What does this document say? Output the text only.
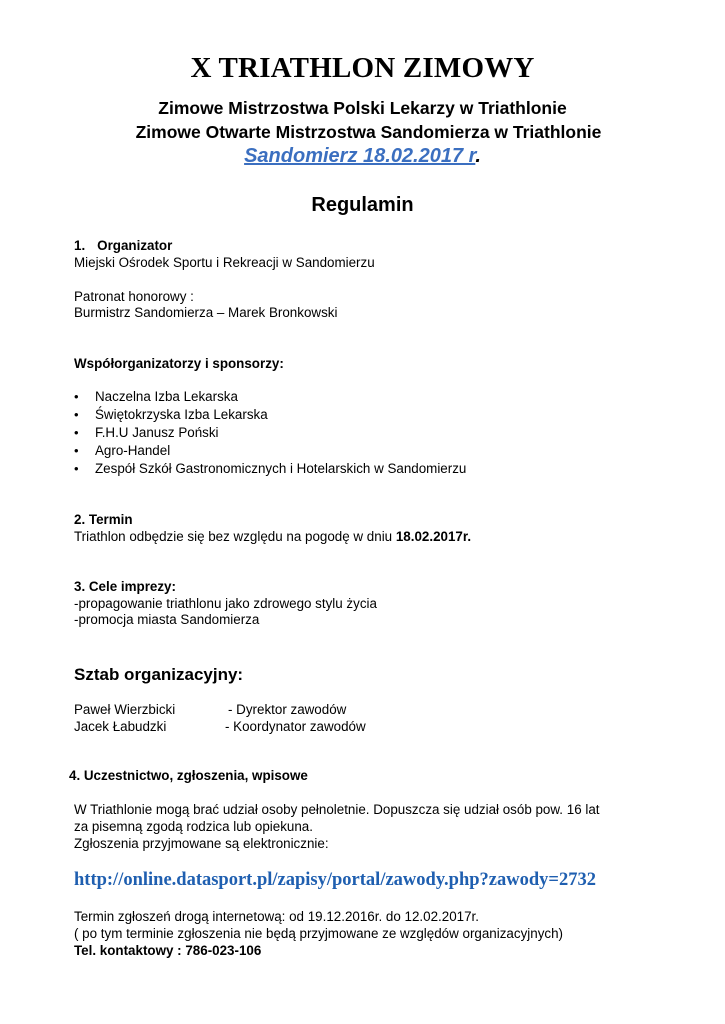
X TRIATHLON ZIMOWY
Zimowe Mistrzostwa Polski Lekarzy w Triathlonie
Zimowe Otwarte Mistrzostwa Sandomierza w Triathlonie
Sandomierz 18.02.2017 r.
Regulamin
1. Organizator
Miejski Ośrodek Sportu i Rekreacji w Sandomierzu
Patronat honorowy :
Burmistrz Sandomierza – Marek Bronkowski
Współorganizatorzy i sponsorzy:
• Naczelna Izba Lekarska
• Świętokrzyska Izba Lekarska
• F.H.U Janusz Poński
• Agro-Handel
• Zespół Szkół Gastronomicznych i Hotelarskich w Sandomierzu
2. Termin
Triathlon odbędzie się bez względu na pogodę w dniu 18.02.2017r.
3. Cele imprezy:
-propagowanie triathlonu jako zdrowego stylu życia
-promocja miasta Sandomierza
Sztab organizacyjny:
Paweł Wierzbicki	- Dyrektor zawodów
Jacek Łabudzki	- Koordynator zawodów
4. Uczestnictwo, zgłoszenia, wpisowe
W Triathlonie mogą brać udział osoby pełnoletnie. Dopuszcza się udział osób pow. 16 lat
za pisemną zgodą rodzica lub opiekuna.
Zgłoszenia przyjmowane są elektronicznie:
http://online.datasport.pl/zapisy/portal/zawody.php?zawody=2732
Termin zgłoszeń drogą internetową: od 19.12.2016r. do 12.02.2017r.
( po tym terminie zgłoszenia nie będą przyjmowane ze względów organizacyjnych)
Tel. kontaktowy : 786-023-106
